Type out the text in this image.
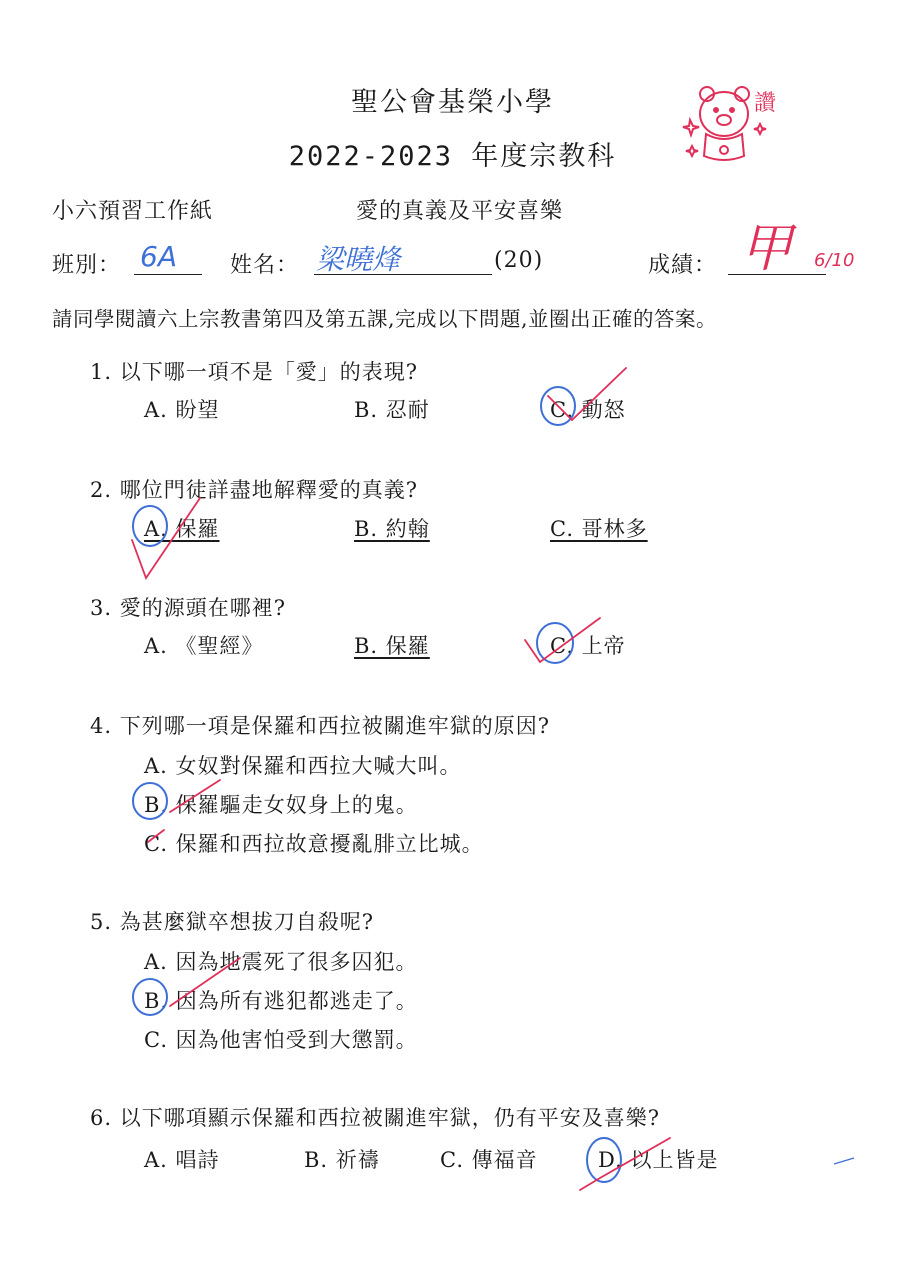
聖公會基榮小學
2022-2023 年度宗教科
讚
小六預習工作紙	愛的真義及平安喜樂
班別： 6A 姓名： 梁曉烽	(20)	成績： 甲 6/10
請同學閱讀六上宗教書第四及第五課,完成以下問題,並圈出正確的答案。
1. 以下哪一項不是「愛」的表現?
A. 盼望	B. 忍耐	C. 動怒
2. 哪位門徒詳盡地解釋愛的真義?
A. 保羅	B. 約翰	C. 哥林多
3. 愛的源頭在哪裡?
A. 《聖經》	B. 保羅	C. 上帝
4. 下列哪一項是保羅和西拉被關進牢獄的原因?
A. 女奴對保羅和西拉大喊大叫。
B. 保羅驅走女奴身上的鬼。
C. 保羅和西拉故意擾亂腓立比城。
5. 為甚麼獄卒想拔刀自殺呢?
A. 因為地震死了很多囚犯。
B. 因為所有逃犯都逃走了。
C. 因為他害怕受到大懲罰。
6. 以下哪項顯示保羅和西拉被關進牢獄，仍有平安及喜樂?
A. 唱詩	B. 祈禱	C. 傳福音	D. 以上皆是
